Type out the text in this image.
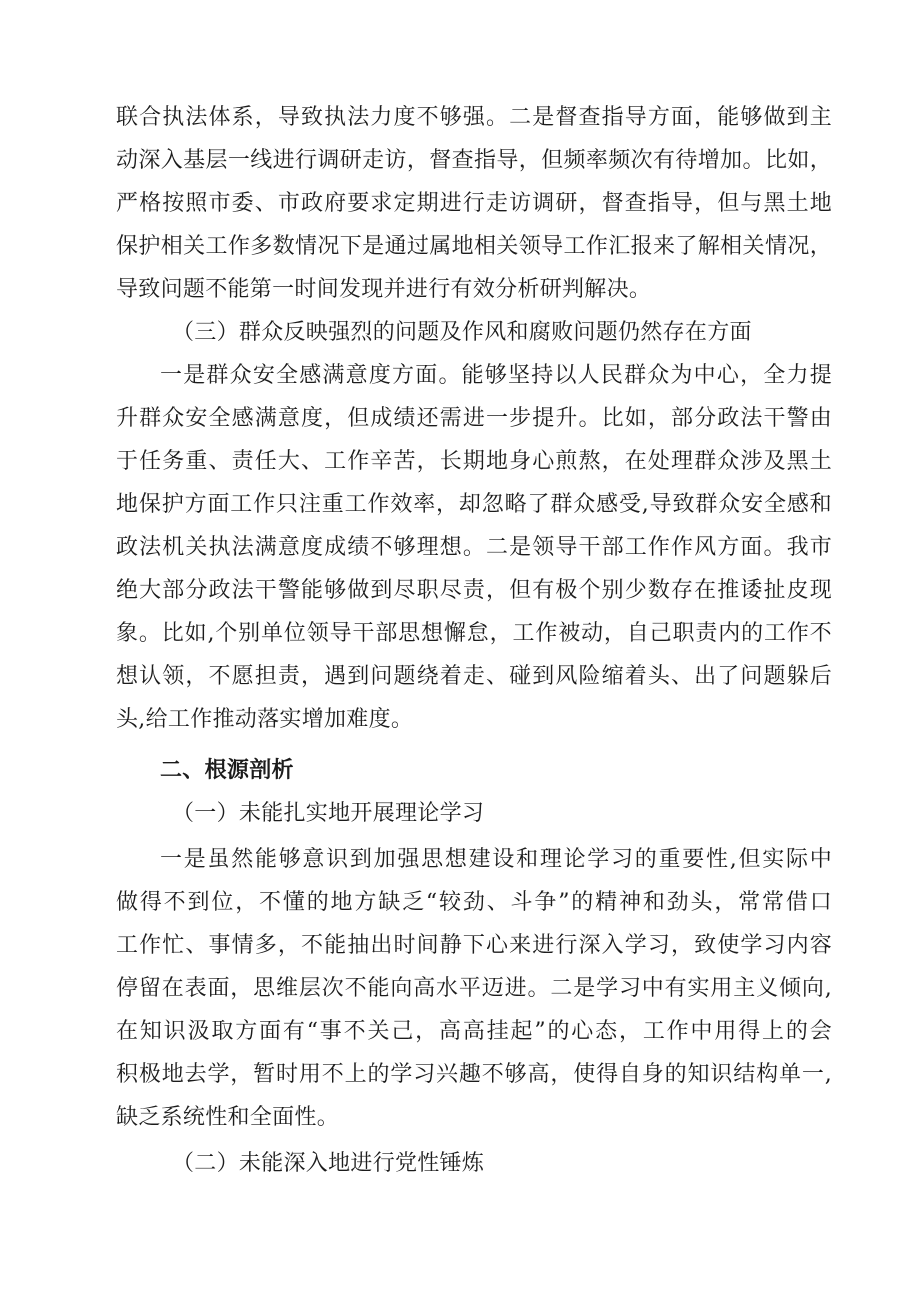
联合执法体系，导致执法力度不够强。二是督查指导方面，能够做到主
动深入基层一线进行调研走访，督查指导，但频率频次有待增加。比如，
严格按照市委、市政府要求定期进行走访调研，督查指导，但与黑土地
保护相关工作多数情况下是通过属地相关领导工作汇报来了解相关情况，
导致问题不能第一时间发现并进行有效分析研判解决。
（三）群众反映强烈的问题及作风和腐败问题仍然存在方面
一是群众安全感满意度方面。能够坚持以人民群众为中心，全力提
升群众安全感满意度，但成绩还需进一步提升。比如，部分政法干警由
于任务重、责任大、工作辛苦，长期地身心煎熬，在处理群众涉及黑土
地保护方面工作只注重工作效率，却忽略了群众感受,导致群众安全感和
政法机关执法满意度成绩不够理想。二是领导干部工作作风方面。我市
绝大部分政法干警能够做到尽职尽责，但有极个别少数存在推诿扯皮现
象。比如,个别单位领导干部思想懈怠，工作被动，自己职责内的工作不
想认领，不愿担责，遇到问题绕着走、碰到风险缩着头、出了问题躲后
头,给工作推动落实增加难度。
二、根源剖析
（一）未能扎实地开展理论学习
一是虽然能够意识到加强思想建设和理论学习的重要性,但实际中
做得不到位，不懂的地方缺乏“较劲、斗争”的精神和劲头，常常借口
工作忙、事情多，不能抽出时间静下心来进行深入学习，致使学习内容
停留在表面，思维层次不能向高水平迈进。二是学习中有实用主义倾向,
在知识汲取方面有“事不关己，高高挂起”的心态，工作中用得上的会
积极地去学，暂时用不上的学习兴趣不够高，使得自身的知识结构单一,
缺乏系统性和全面性。
（二）未能深入地进行党性锤炼
